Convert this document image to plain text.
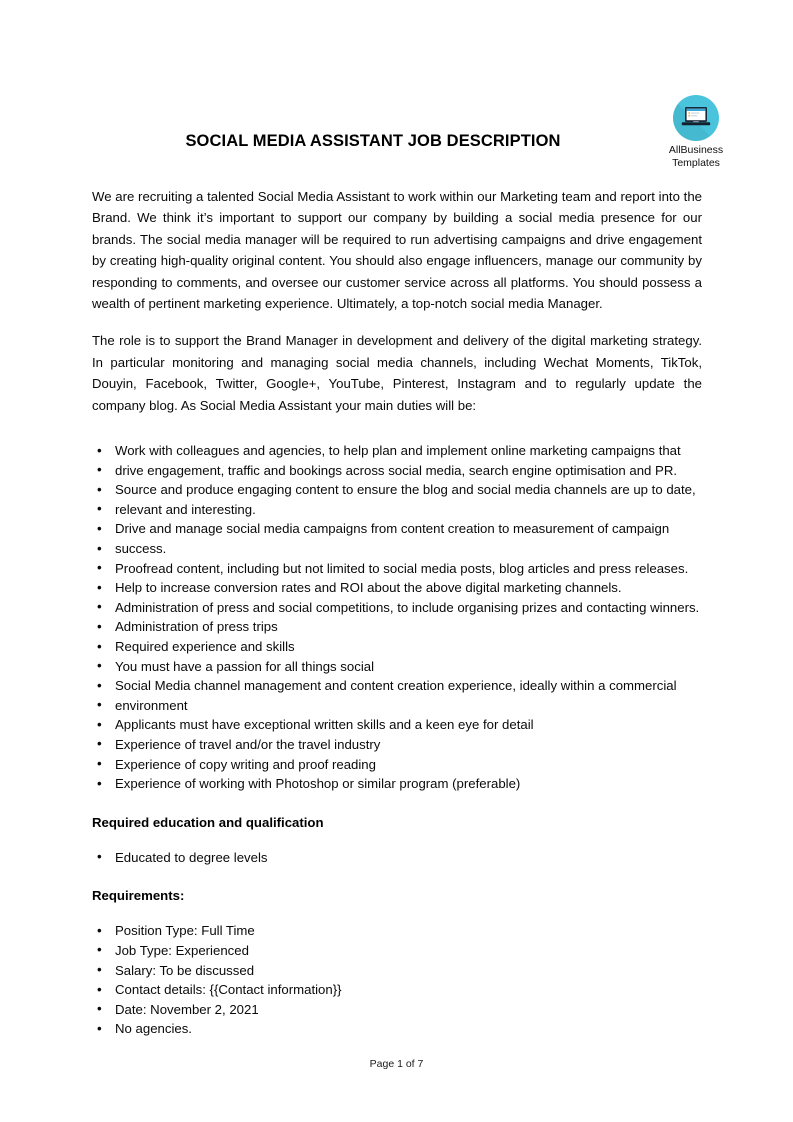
AllBusiness
Templates
SOCIAL MEDIA ASSISTANT JOB DESCRIPTION

We are recruiting a talented Social Media Assistant to work within our Marketing team and report into the Brand. We think it’s important to support our company by building a social media presence for our brands. The social media manager will be required to run advertising campaigns and drive engagement by creating high-quality original content. You should also engage influencers, manage our community by responding to comments, and oversee our customer service across all platforms. You should possess a wealth of pertinent marketing experience. Ultimately, a top-notch social media Manager.

The role is to support the Brand Manager in development and delivery of the digital marketing strategy. In particular monitoring and managing social media channels, including Wechat Moments, TikTok, Douyin, Facebook, Twitter, Google+, YouTube, Pinterest, Instagram and to regularly update the company blog. As Social Media Assistant your main duties will be:

• Work with colleagues and agencies, to help plan and implement online marketing campaigns that
• drive engagement, traffic and bookings across social media, search engine optimisation and PR.
• Source and produce engaging content to ensure the blog and social media channels are up to date,
• relevant and interesting.
• Drive and manage social media campaigns from content creation to measurement of campaign
• success.
• Proofread content, including but not limited to social media posts, blog articles and press releases.
• Help to increase conversion rates and ROI about the above digital marketing channels.
• Administration of press and social competitions, to include organising prizes and contacting winners.
• Administration of press trips
• Required experience and skills
• You must have a passion for all things social
• Social Media channel management and content creation experience, ideally within a commercial
• environment
• Applicants must have exceptional written skills and a keen eye for detail
• Experience of travel and/or the travel industry
• Experience of copy writing and proof reading
• Experience of working with Photoshop or similar program (preferable)
Required education and qualification
• Educated to degree levels
Requirements:
• Position Type: Full Time
• Job Type: Experienced
• Salary: To be discussed
• Contact details: {{Contact information}}
• Date: November 2, 2021
• No agencies.
Page 1 of 7
